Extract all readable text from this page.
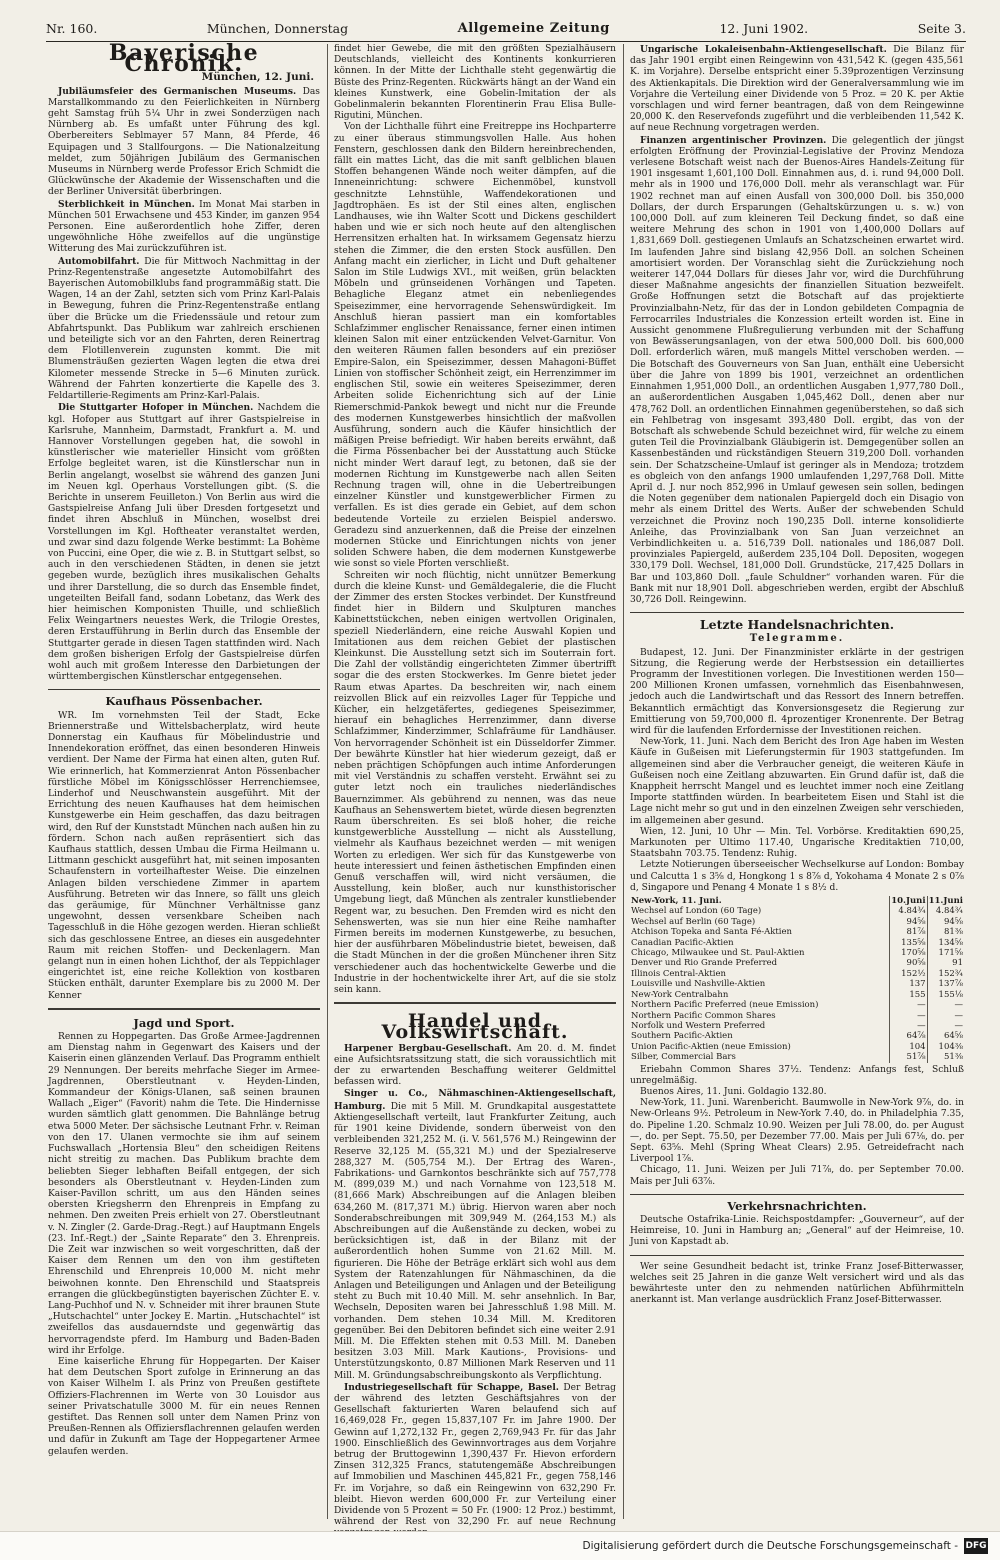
Nr. 160.	München, Donnerstag	Allgemeine Zeitung	12. Juni 1902.	Seite 3.
Bayerische Chronik.
München, 12. Juni.

Jubiläumsfeier des Germanischen Museums. Das Marstallkommando zu den Feierlichkeiten in Nürnberg geht Samstag früh 5¼ Uhr in zwei Sonderzügen nach Nürnberg ab. Es umfaßt unter Führung des kgl. Oberbereiters Seblmayer 57 Mann, 84 Pferde, 46 Equipagen und 3 Stallfourgons. — Die Nationalzeitung meldet, zum 50jährigen Jubiläum des Germanischen Museums in Nürnberg werde Professor Erich Schmidt die Glückwünsche der Akademie der Wissenschaften und die der Berliner Universität überbringen.

Sterblichkeit in München. Im Monat Mai starben in München 501 Erwachsene und 453 Kinder, im ganzen 954 Personen. Eine außerordentlich hohe Ziffer, deren ungewöhnliche Höhe zweifellos auf die ungünstige Witterung des Mai zurückzuführen ist.

Automobilfahrt. Die für Mittwoch Nachmittag in der Prinz-Regentenstraße angesetzte Automobilfahrt des Bayerischen Automobilklubs fand programmäßig statt. Die Wagen, 14 an der Zahl, setzten sich vom Prinz Karl-Palais in Bewegung, fuhren die Prinz-Regentenstraße entlang über die Brücke um die Friedenssäule und retour zum Abfahrtspunkt. Das Publikum war zahlreich erschienen und beteiligte sich vor an den Fahrten, deren Reinertrag dem Flotillenverein zugunsten kommt. Die mit Blumensträußen gezierten Wagen legten die etwa drei Kilometer messende Strecke in 5—6 Minuten zurück. Während der Fahrten konzertierte die Kapelle des 3. Feldartillerie-Regiments am Prinz-Karl-Palais.

Die Stuttgarter Hofoper in München. Nachdem die kgl. Hofoper aus Stuttgart auf ihrer Gastspielreise in Karlsruhe, Mannheim, Darmstadt, Frankfurt a. M. und Hannover Vorstellungen gegeben hat, die sowohl in künstlerischer wie materieller Hinsicht vom größten Erfolge begleitet waren, ist die Künstlerschar nun in Berlin angelangt, woselbst sie während des ganzen Juni im Neuen kgl. Operhaus Vorstellungen gibt. (S. die Berichte in unserem Feuilleton.) Von Berlin aus wird die Gastspielreise Anfang Juli über Dresden fortgesetzt und findet ihren Abschluß in München, woselbst drei Vorstellungen im Kgl. Hoftheater veranstaltet werden, und zwar sind dazu folgende Werke bestimmt: La Bohème von Puccini, eine Oper, die wie z. B. in Stuttgart selbst, so auch in den verschiedenen Städten, in denen sie jetzt gegeben wurde, bezüglich ihres musikalischen Gehalts und ihrer Darstellung, die so durch das Ensemble findet, ungeteilten Beifall fand, sodann Lobetanz, das Werk des hier heimischen Komponisten Thuille, und schließlich Felix Weingartners neuestes Werk, die Trilogie Orestes, deren Erstaufführung in Berlin durch das Ensemble der Stuttgarter gerade in diesen Tagen stattfinden wird. Nach dem großen bisherigen Erfolg der Gastspielreise dürfen wohl auch mit großem Interesse den Darbietungen der württembergischen Künstlerschar entgegensehen.

Kaufhaus Pössenbacher.

WR. Im vornehmsten Teil der Stadt, Ecke Briennerstraße und Wittelsbacherplatz, wird heute Donnerstag ein Kaufhaus für Möbelindustrie und Innendekoration eröffnet, das einen besonderen Hinweis verdient. Der Name der Firma hat einen alten, guten Ruf. Wie erinnerlich, hat Kommerzienrat Anton Pössenbacher fürstliche Möbel im Königsschlösser Herrenchiemsee, Linderhof und Neuschwanstein ausgeführt. Mit der Errichtung des neuen Kaufhauses hat dem heimischen Kunstgewerbe ein Heim geschaffen, das dazu beitragen wird, den Ruf der Kunststadt München nach außen hin zu fördern. Schon nach außen repräsentiert sich das Kaufhaus stattlich, dessen Umbau die Firma Heilmann u. Littmann geschickt ausgeführt hat, mit seinen imposanten Schaufenstern in vorteilhaftester Weise. Die einzelnen Anlagen bilden verschiedene Zimmer in apartem Ausführung. Betreten wir das Innere, so fällt uns gleich das geräumige, für Münchner Verhältnisse ganz ungewohnt, dessen versenkbare Scheiben nach Tagesschluß in die Höhe gezogen werden. Hieran schließt sich das geschlossene Entree, an dieses ein ausgedehnter Raum mit reichen Stoffen- und Deckenlagern. Man gelangt nun in einen hohen Lichthof, der als Teppichlager eingerichtet ist, eine reiche Kollektion von kostbaren Stücken enthält, darunter Exemplare bis zu 2000 M. Der Kenner

Jagd und Sport.

Rennen zu Hoppegarten. Das Große Armee-Jagdrennen am Dienstag nahm in Gegenwart des Kaisers und der Kaiserin einen glänzenden Verlauf. Das Programm enthielt 29 Nennungen. Der bereits mehrfache Sieger im Armee-Jagdrennen, Oberstleutnant v. Heyden-Linden, Kommandeur der Königs-Ulanen, saß seinen braunen Wallach „Eiger“ (Favorit) nahm die Tete. Die Hindernisse wurden sämtlich glatt genommen. Die Bahnlänge betrug etwa 5000 Meter. Der sächsische Leutnant Frhr. v. Reiman von den 17. Ulanen vermochte sie ihm auf seinem Fuchswallach „Hortensia Bleu“ den scheidigen Reitens nicht streitig zu machen. Das Publikum brachte dem beliebten Sieger lebhaften Beifall entgegen, der sich besonders als Oberstleutnant v. Heyden-Linden zum Kaiser-Pavillon schritt, um aus den Händen seines obersten Kriegsherrn den Ehrenpreis in Empfang zu nehmen. Den zweiten Preis erhielt von 27. Oberstleutnant v. N. Zingler (2. Garde-Drag.-Regt.) auf Hauptmann Engels (23. Inf.-Regt.) der „Sainte Reparate“ den 3. Ehrenpreis. Die Zeit war inzwischen so weit vorgeschritten, daß der Kaiser dem Rennen um den von ihm gestifteten Ehrenschild und Ehrenpreis 10,000 M. nicht mehr beiwohnen konnte. Den Ehrenschild und Staatspreis errangen die glückbegünstigten bayerischen Züchter E. v. Lang-Puchhof und N. v. Schneider mit ihrer braunen Stute „Hutschachtel“ unter Jockey E. Martin. „Hutschachtel“ ist zweifellos das ausdauerndste und gegenwärtig das hervorragendste pferd. Im Hamburg und Baden-Baden wird ihr Erfolge.

Eine kaiserliche Ehrung für Hoppegarten. Der Kaiser hat dem Deutschen Sport zufolge in Erinnerung an das von Kaiser Wilhelm I. als Prinz von Preußen gestiftete Offiziers-Flachrennen im Werte von 30 Louisdor aus seiner Privatschatulle 3000 M. für ein neues Rennen gestiftet. Das Rennen soll unter dem Namen Prinz von Preußen-Rennen als Offiziersflachrennen gelaufen werden und dafür in Zukunft am Tage der Hoppegartener Armee gelaufen werden.

findet hier Gewebe, die mit den größten Spezialhäusern Deutschlands, vielleicht des Kontinents konkurrieren können. In der Mitte der Lichthalle steht gegenwärtig die Büste des Prinz-Regenten. Rückwärts hängt an der Wand ein kleines Kunstwerk, eine Gobelin-Imitation der als Gobelinmalerin bekannten Florentinerin Frau Elisa Bulle-Rigutini, München.

Von der Lichthalle führt eine Freitreppe ins Hochparterre zu einer überaus stimmungsvollen Halle. Aus hohen Fenstern, geschlossen dank den Bildern hereinbrechenden, fällt ein mattes Licht, das die mit sanft gelblichen blauen Stoffen behangenen Wände noch weiter dämpfen, auf die Inneneinrichtung: schwere Eichenmöbel, kunstvoll geschnitzte Lehnstühle, Waffendekorationen und Jagdtrophäen. Es ist der Stil eines alten, englischen Landhauses, wie ihn Walter Scott und Dickens geschildert haben und wie er sich noch heute auf den altenglischen Herrensitzen erhalten hat. In wirksamem Gegensatz hierzu stehen die Zimmer, die den ersten Stock ausfüllen. Den Anfang macht ein zierlicher, in Licht und Duft gehaltener Salon im Stile Ludwigs XVI., mit weißen, grün belackten Möbeln und grünseidenen Vorhängen und Tapeten. Behagliche Eleganz atmet ein nebenliegendes Speisezimmer, eine hervorragende Sehenswürdigkeit. Im Anschluß hieran passiert man ein komfortables Schlafzimmer englischer Renaissance, ferner einen intimen kleinen Salon mit einer entzückenden Velvet-Garnitur. Von den weiteren Räumen fallen besonders auf ein preziöser Empire-Salon, ein Speisezimmer, dessen Mahagoni-Büffet Linien von stoffischer Schönheit zeigt, ein Herrenzimmer im englischen Stil, sowie ein weiteres Speisezimmer, deren Arbeiten solide Eichenrichtung sich auf der Linie Riemerschmid-Pankok bewegt und nicht nur die Freunde des modernen Kunstgewerbes hinsichtlich der maßvollen Ausführung, sondern auch die Käufer hinsichtlich der mäßigen Preise befriedigt. Wir haben bereits erwähnt, daß die Firma Pössenbacher bei der Ausstattung auch Stücke nicht minder Wert darauf legt, zu betonen, daß sie der modernen Richtung im Kunstgewerbe nach allen Seiten Rechnung tragen will, ohne in die Uebertreibungen einzelner Künstler und kunstgewerblicher Firmen zu verfallen. Es ist dies gerade ein Gebiet, auf dem schon bedeutende Vorteile zu erzielen Beispiel anderswo. Geradezu sind anzuerkennen, daß die Preise der einzelnen modernen Stücke und Einrichtungen nichts von jener soliden Schwere haben, die dem modernen Kunstgewerbe wie sonst so viele Pforten verschließt.

Schreiten wir noch flüchtig, nicht unnützer Bemerkung durch die kleine Kunst- und Gemäldegalerie, die die Flucht der Zimmer des ersten Stockes verbindet. Der Kunstfreund findet hier in Bildern und Skulpturen manches Kabinettstückchen, neben einigen wertvollen Originalen, speziell Niederländern, eine reiche Auswahl Kopien und Imitationen aus dem reichen Gebiet der plastischen Kleinkunst. Die Ausstellung setzt sich im Souterrain fort. Die Zahl der vollständig eingerichteten Zimmer übertrifft sogar die des ersten Stockwerkes. Im Genre bietet jeder Raum etwas Apartes. Da beschreiten wir, nach einem reizvollen Blick auf ein reizvolles Lager für Teppiche und Kücher, ein helzgetäfertes, gediegenes Speisezimmer, hierauf ein behagliches Herrenzimmer, dann diverse Schlafzimmer, Kinderzimmer, Schlafräume für Landhäuser. Von hervorragender Schönheit ist ein Düsseldorfer Zimmer. Der bewährte Künstler hat hier wiederum gezeigt, daß er neben prächtigen Schöpfungen auch intime Anforderungen mit viel Verständnis zu schaffen versteht. Erwähnt sei zu guter letzt noch ein trauliches niederländisches Bauernzimmer. Als gebührend zu nennen, was das neue Kaufhaus an Sehenswertem bietet, würde diesen begrenzten Raum überschreiten. Es sei bloß hoher, die reiche kunstgewerbliche Ausstellung — nicht als Ausstellung, vielmehr als Kaufhaus bezeichnet werden — mit wenigen Worten zu erledigen. Wer sich für das Kunstgewerbe von heute interessiert und feinen ästhetischen Empfinden einen Genuß verschaffen will, wird nicht versäumen, die Ausstellung, kein bloßer, auch nur kunsthistorischer Umgebung liegt, daß München als zentraler kunstliebender Regent war, zu besuchen. Den Fremden wird es nicht den Sehenswerten, was sie nun hier eine Reihe namhafter Firmen bereits im modernen Kunstgewerbe, zu besuchen, hier der ausführbaren Möbelindustrie bietet, beweisen, daß die Stadt München in der die großen Münchener ihren Sitz verschiedener auch das hochentwickelte Gewerbe und die Industrie in der hochentwickelte ihrer Art, auf die sie stolz sein kann.

Handel und Volkswirtschaft.

Harpener Bergbau-Gesellschaft. Am 20. d. M. findet eine Aufsichtsratssitzung statt, die sich voraussichtlich mit der zu erwartenden Beschaffung weiterer Geldmittel befassen wird.

Singer u. Co., Nähmaschinen-Aktiengesellschaft, Hamburg. Die mit 5 Mill. M. Grundkapital ausgestattete Aktiengesellschaft verteilt, laut Frankfurter Zeitung, auch für 1901 keine Dividende, sondern überweist von den verbleibenden 321,252 M. (i. V. 561,576 M.) Reingewinn der Reserve 32,125 M. (55,321 M.) und der Spezialreserve 288,327 M. (505,754 M.). Der Ertrag des Waren-, Fabrikations- und Garnkontos beschränkte sich auf 757,778 M. (899,039 M.) und nach Vornahme von 123,518 M. (81,666 Mark) Abschreibungen auf die Anlagen bleiben 634,260 M. (817,371 M.) übrig. Hiervon waren aber noch Sonderabschreibungen mit 309,949 M. (264,153 M.) als Abschreibungen auf die Außenstände zu decken, wobei zu berücksichtigen ist, daß in der Bilanz mit der außerordentlich hohen Summe von 21.62 Mill. M. figurieren. Die Höhe der Beträge erklärt sich wohl aus dem System der Ratenzahlungen für Nähmaschinen, da die Anlagen und Beteiligungen und Anlagen und der Beteiligung steht zu Buch mit 10.40 Mill. M. sehr ansehnlich. In Bar, Wechseln, Depositen waren bei Jahresschluß 1.98 Mill. M. vorhanden. Dem stehen 10.34 Mill. M. Kreditoren gegenüber. Bei den Debitoren befindet sich eine weiter 2.91 Mill. M. Die Effekten stehen mit 0.53 Mill. M. Daneben besitzen 3.03 Mill. Mark Kautions-, Provisions- und Unterstützungskonto, 0.87 Millionen Mark Reserven und 11 Mill. M. Gründungsabschreibungskonto als Verpflichtung.

Industriegesellschaft für Schappe, Basel. Der Betrag der während des letzten Geschäftsjahres von der Gesellschaft fakturierten Waren belaufend sich auf 16,469,028 Fr., gegen 15,837,107 Fr. im Jahre 1900. Der Gewinn auf 1,272,132 Fr., gegen 2,769,943 Fr. für das Jahr 1900. Einschließlich des Gewinnvortrages aus dem Vorjahre betrug der Bruttogewinn 1,390,437 Fr. Hievon erfordern Zinsen 312,325 Francs, statutengemäße Abschreibungen auf Immobilien und Maschinen 445,821 Fr., gegen 758,146 Fr. im Vorjahre, so daß ein Reingewinn von 632,290 Fr. bleibt. Hievon werden 600,000 Fr. zur Verteilung einer Dividende von 5 Prozent = 50 Fr. (1900: 12 Proz.) bestimmt, während der Rest von 32,290 Fr. auf neue Rechnung

Ungarische Lokaleisenbahn-Aktiengesellschaft. Die Bilanz für das Jahr 1901 ergibt einen Reingewinn von 431,542 K. (gegen 435,561 K. im Vorjahre). Derselbe entspricht einer 5.39prozentigen Verzinsung des Aktienkapitals. Die Direktion wird der Generalversammlung wie im Vorjahre die Verteilung einer Dividende von 5 Proz. = 20 K. per Aktie vorschlagen und wird ferner beantragen, daß von dem Reingewinne 20,000 K. den Reservefonds zugeführt und die verbleibenden 11,542 K. auf neue Rechnung vorgetragen werden.

Finanzen argentinischer Provinzen. Die gelegentlich der jüngst erfolgten Eröffnung der Provinzial-Legislative der Provinz Mendoza verlesene Botschaft weist nach der Buenos-Aires Handels-Zeitung für 1901 insgesamt 1,601,100 Doll. Einnahmen aus, d. i. rund 94,000 Doll. mehr als in 1900 und 176,000 Doll. mehr als veranschlagt war. Für 1902 rechnet man auf einen Ausfall von 300,000 Doll. bis 350,000 Dollars, der durch Ersparungen (Gehaltskürzungen u. s. w.) von 100,000 Doll. auf zum kleineren Teil Deckung findet, so daß eine weitere Mehrung des schon in 1901 von 1,400,000 Dollars auf 1,831,669 Doll. gestiegenen Umlaufs an Schatzscheinen erwartet wird. Im laufenden Jahre sind bislang 42,956 Doll. an solchen Scheinen amortisiert worden. Der Voranschlag sieht die Zurückziehung noch weiterer 147,044 Dollars für dieses Jahr vor, wird die Durchführung dieser Maßnahme angesichts der finanziellen Situation bezweifelt. Große Hoffnungen setzt die Botschaft auf das projektierte Provinzialbahn-Netz, für das der in London gebildeten Compagnia de Ferrocarriles Industriales die Konzession erteilt worden ist. Eine in Aussicht genommene Flußregulierung verbunden mit der Schaffung von Bewässerungsanlagen, von der etwa 500,000 Doll. bis 600,000 Doll. erforderlich wären, muß mangels Mittel verschoben werden. — Die Botschaft des Gouverneurs von San Juan, enthält eine Uebersicht über die Jahre von 1899 bis 1901, verzeichnet an ordentlichen Einnahmen 1,951,000 Doll., an ordentlichen Ausgaben 1,977,780 Doll., an außerordentlichen Ausgaben 1,045,462 Doll., denen aber nur 478,762 Doll. an ordentlichen Einnahmen gegenüberstehen, so daß sich ein Fehlbetrag von insgesamt 393,480 Doll. ergibt, das von der Botschaft als schwebende Schuld bezeichnet wird, für welche zu einem guten Teil die Provinzialbank Gläubigerin ist. Demgegenüber sollen an Kassenbeständen und rückständigen Steuern 319,200 Doll. vorhanden sein. Der Schatzscheine-Umlauf ist geringer als in Mendoza; trotzdem es obgleich von den anfangs 1900 umlaufenden 1,297,768 Doll. Mitte April d. J. nur noch 852,996 in Umlauf gewesen sein sollen, bedingen die Noten gegenüber dem nationalen Papiergeld doch ein Disagio von mehr als einem Drittel des Werts. Außer der schwebenden Schuld verzeichnet die Provinz noch 190,235 Doll. interne konsolidierte Anleihe, das Provinzialbank von San Juan verzeichnet an Verbindlichkeiten u. a. 516,739 Doll. nationales und 186,087 Doll. provinziales Papiergeld, außerdem 235,104 Doll. Depositen, wogegen 330,179 Doll. Wechsel, 181,000 Doll. Grundstücke, 217,425 Dollars in Bar und 103,860 Doll. „faule Schuldner“ vorhanden waren. Für die Bank mit nur 18,901 Doll. abgeschrieben werden, ergibt der Abschluß 30,726 Doll. Reingewinn.

Letzte Handelsnachrichten.
Telegramme.

Budapest, 12. Juni. Der Finanzminister erklärte in der gestrigen Sitzung, die Regierung werde der Herbstsession ein detailliertes Programm der Investitionen vorlegen. Die Investitionen werden 150—200 Millionen Kronen umfassen, vornehmlich das Eisenbahnwesen, jedoch auch die Landwirtschaft und das Ressort des Innern betreffen. Bekanntlich ermächtigt das Konversionsgesetz die Regierung zur Emittierung von 59,700,000 fl. 4prozentiger Kronenrente. Der Betrag wird für die laufenden Erfordernisse der Investitionen reichen.

New-York, 11. Juni. Nach dem Bericht des Iron Age haben im Westen Käufe in Gußeisen mit Lieferungstermin für 1903 stattgefunden. Im allgemeinen sind aber die Verbraucher geneigt, die weiteren Käufe in Gußeisen noch eine Zeitlang abzuwarten. Ein Grund dafür ist, daß die Knappheit herrscht Mangel und es leuchtet immer noch eine Zeitlang Importe stattfinden würden. In bearbeitetem Eisen und Stahl ist die Lage nicht mehr so gut und in den einzelnen Zweigen sehr verschieden, im allgemeinen aber gesund.

Wien, 12. Juni, 10 Uhr — Min. Tel. Vorbörse. Kreditaktien 690,25, Markunoten per Ultimo 117.40, Ungarische Kreditaktien 710,00, Staatsbahn 703.75. Tendenz: Ruhig.

Letzte Notierungen überseeischer Wechselkurse auf London: Bombay und Calcutta 1 s 3⅝ d, Hongkong 1 s 8⅞ d, Yokohama 4 Monate 2 s 0⅞ d, Singapore und Penang 4 Monate 1 s 8½ d.

New-York, 11. Juni.	10.Juni	11.Juni
Wechsel auf London (60 Tage)	4.84¾	4.84¾
Wechsel auf Berlin (60 Tage)	94⅝	94⅝
Atchison Topeka and Santa Fé-Aktien	81⅞	81⅜
Canadian Pacific-Aktien	135⅝	134⅝
Chicago, Milwaukee und St. Paul-Aktien	170⅝	171⅝
Denver und Rio Grande Preferred	90⅝	91
Illinois Central-Aktien	152½	152¾
Louisville und Nashville-Aktien	137	137⅞
New-York Centralbahn	155	155⅛
Northern Pacific Preferred (neue Emission)	—	—
Northern Pacific Common Shares	—	—
Norfolk und Western Preferred	—	—
Southern Pacific-Aktien	64⅞	64⅝
Union Pacific-Aktien (neue Emission)	104	104⅜
Silber, Commercial Bars	51⅞	51⅜

Eriebahn Common Shares 37½. Tendenz: Anfangs fest, Schluß unregelmäßig.

Buenos Aires, 11. Juni. Goldagio 132.80.

New-York, 11. Juni. Warenbericht. Baumwolle in New-York 9⅞, do. in New-Orleans 9½. Petroleum in New-York 7.40, do. in Philadelphia 7.35, do. Pipeline 1.20. Schmalz 10.90. Weizen per Juli 78.00, do. per August —, do. per Sept. 75.50, per Dezember 77.00. Mais per Juli 67⅛, do. per Sept. 63⅝. Mehl (Spring Wheat Clears) 2.95. Getreidefracht nach Liverpool 1⅞.

Chicago, 11. Juni. Weizen per Juli 71⅞, do. per September 70.00. Mais per Juli 63⅞.

Verkehrsnachrichten.

Deutsche Ostafrika-Linie. Reichspostdampfer: „Gouverneur“, auf der Heimreise, 10. Juni in Hamburg an; „General“ auf der Heimreise, 10. Juni von Kapstadt ab.

Wer seine Gesundheit bedacht ist, trinke Franz Josef-Bitterwasser, welches seit 25 Jahren in die ganze Welt versichert wird und als das bewährteste unter den zu nehmenden natürlichen Abführmitteln anerkannt ist. Man verlange ausdrücklich Franz Josef-Bitterwasser.

Digitalisierung gefördert durch die Deutsche Forschungsgemeinschaft - DFG
